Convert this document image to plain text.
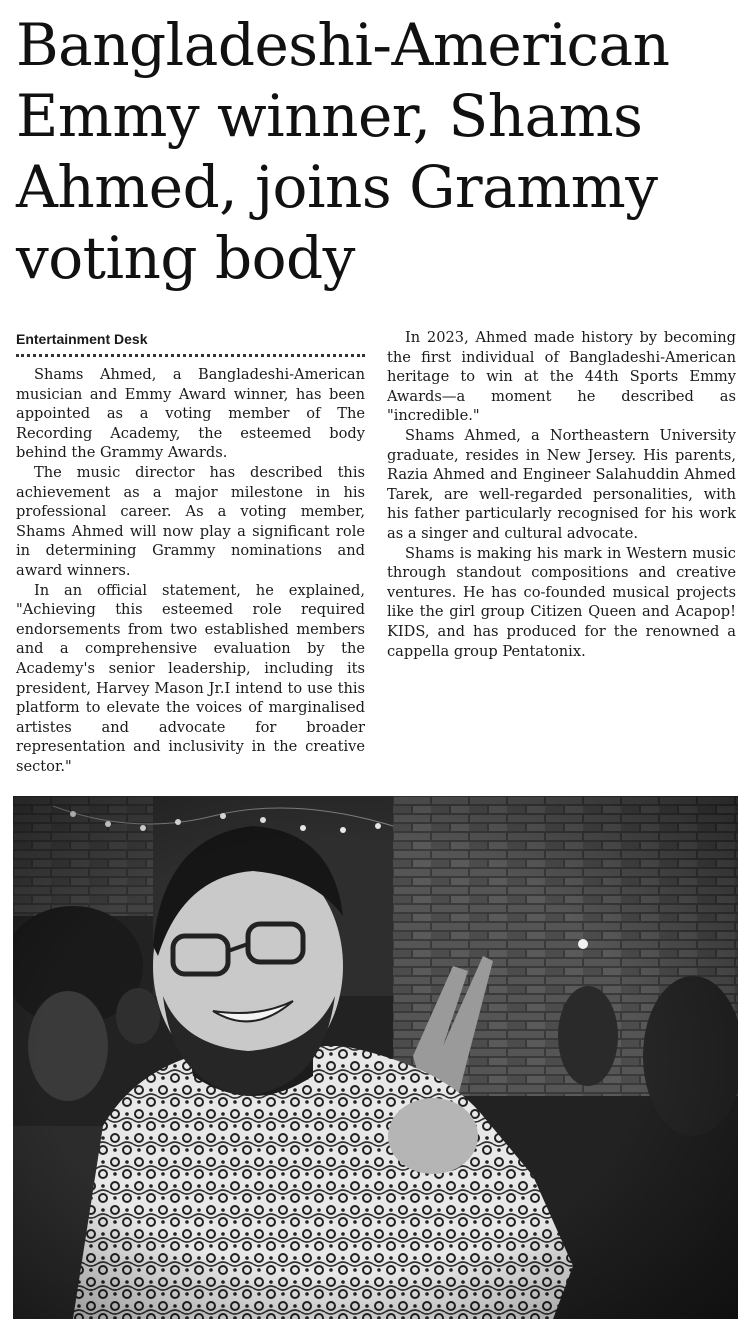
Bangladeshi-American Emmy winner, Shams Ahmed, joins Grammy voting body
Entertainment Desk

Shams Ahmed, a Bangladeshi-American musician and Emmy Award winner, has been appointed as a voting member of The Recording Academy, the esteemed body behind the Grammy Awards.

The music director has described this achievement as a major milestone in his professional career. As a voting member, Shams Ahmed will now play a significant role in determining Grammy nominations and award winners.

In an official statement, he explained, "Achieving this esteemed role required endorsements from two established members and a comprehensive evaluation by the Academy's senior leadership, including its president, Harvey Mason Jr.I intend to use this platform to elevate the voices of marginalised artistes and advocate for broader representation and inclusivity in the creative sector."

In 2023, Ahmed made history by becoming the first individual of Bangladeshi-American heritage to win at the 44th Sports Emmy Awards—a moment he described as "incredible."

Shams Ahmed, a Northeastern University graduate, resides in New Jersey. His parents, Razia Ahmed and Engineer Salahuddin Ahmed Tarek, are well-regarded personalities, with his father particularly recognised for his work as a singer and cultural advocate.

Shams is making his mark in Western music through standout compositions and creative ventures. He has co-founded musical projects like the girl group Citizen Queen and Acapop! KIDS, and has produced for the renowned a cappella group Pentatonix.
